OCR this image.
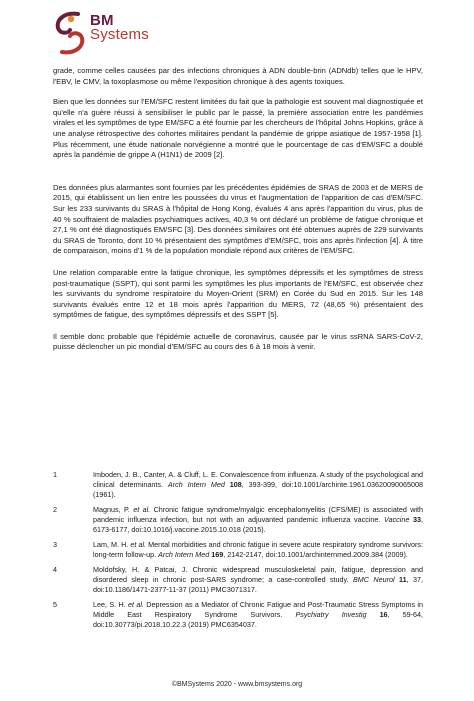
BM
Systems

grade, comme celles causées par des infections chroniques à ADN double-brin (ADNdb) telles que le HPV, l'EBV, le CMV, la toxoplasmose ou même l'exposition chronique à des agents toxiques.

Bien que les données sur l'EM/SFC restent limitées du fait que la pathologie est souvent mal diagnostiquée et qu'elle n'a guère réussi à sensibiliser le public par le passé, la première association entre les pandémies virales et les symptômes de type EM/SFC a été fournie par les chercheurs de l'hôpital Johns Hopkins, grâce à une analyse rétrospective des cohortes militaires pendant la pandémie de grippe asiatique de 1957-1958 [1]. Plus récemment, une étude nationale norvégienne a montré que le pourcentage de cas d'EM/SFC a doublé après la pandémie de grippe A (H1N1) de 2009 [2].

Des données plus alarmantes sont fournies par les précédentes épidémies de SRAS de 2003 et de MERS de 2015, qui établissent un lien entre les poussées du virus et l'augmentation de l'apparition de cas d'EM/SFC. Sur les 233 survivants du SRAS à l'hôpital de Hong Kong, évalués 4 ans après l'apparition du virus, plus de 40 % souffraient de maladies psychiatriques actives, 40,3 % ont déclaré un problème de fatigue chronique et 27,1 % ont été diagnostiqués EM/SFC [3]. Des données similaires ont été obtenues auprès de 229 survivants du SRAS de Toronto, dont 10 % présentaient des symptômes d'EM/SFC, trois ans après l'infection [4]. À titre de comparaison, moins d'1 % de la population mondiale répond aux critères de l'EM/SFC.

Une relation comparable entre la fatigue chronique, les symptômes dépressifs et les symptômes de stress post-traumatique (SSPT), qui sont parmi les symptômes les plus importants de l'EM/SFC, est observée chez les survivants du syndrome respiratoire du Moyen-Orient (SRM) en Corée du Sud en 2015. Sur les 148 survivants évalués entre 12 et 18 mois après l'apparition du MERS, 72 (48,65 %) présentaient des symptômes de fatigue, des symptômes dépressifs et des SSPT [5].

Il semble donc probable que l'épidémie actuelle de coronavirus, causée par le virus ssRNA SARS-CoV-2, puisse déclencher un pic mondial d'EM/SFC au cours des 6 à 18 mois à venir.

1	Imboden, J. B., Canter, A. & Cluff, L. E. Convalescence from influenza. A study of the psychological and clinical determinants. Arch Intern Med 108, 393-399, doi:10.1001/archinte.1961.03620090065008 (1961).

2	Magnus, P. et al. Chronic fatigue syndrome/myalgic encephalomyelitis (CFS/ME) is associated with pandemic influenza infection, but not with an adjuvanted pandemic influenza vaccine. Vaccine 33, 6173-6177, doi:10.1016/j.vaccine.2015.10.018 (2015).

3	Lam, M. H. et al. Mental morbidities and chronic fatigue in severe acute respiratory syndrome survivors: long-term follow-up. Arch Intern Med 169, 2142-2147, doi:10.1001/archinternmed.2009.384 (2009).

4	Moldofsky, H. & Patcai, J. Chronic widespread musculoskeletal pain, fatigue, depression and disordered sleep in chronic post-SARS syndrome; a case-controlled study. BMC Neurol 11, 37, doi:10.1186/1471-2377-11-37 (2011) PMC3071317.

5	Lee, S. H. et al. Depression as a Mediator of Chronic Fatigue and Post-Traumatic Stress Symptoms in Middle East Respiratory Syndrome Survivors. Psychiatry Investig 16, 59-64, doi:10.30773/pi.2018.10.22.3 (2019) PMC6354037.

©BMSystems 2020 - www.bmsystems.org
